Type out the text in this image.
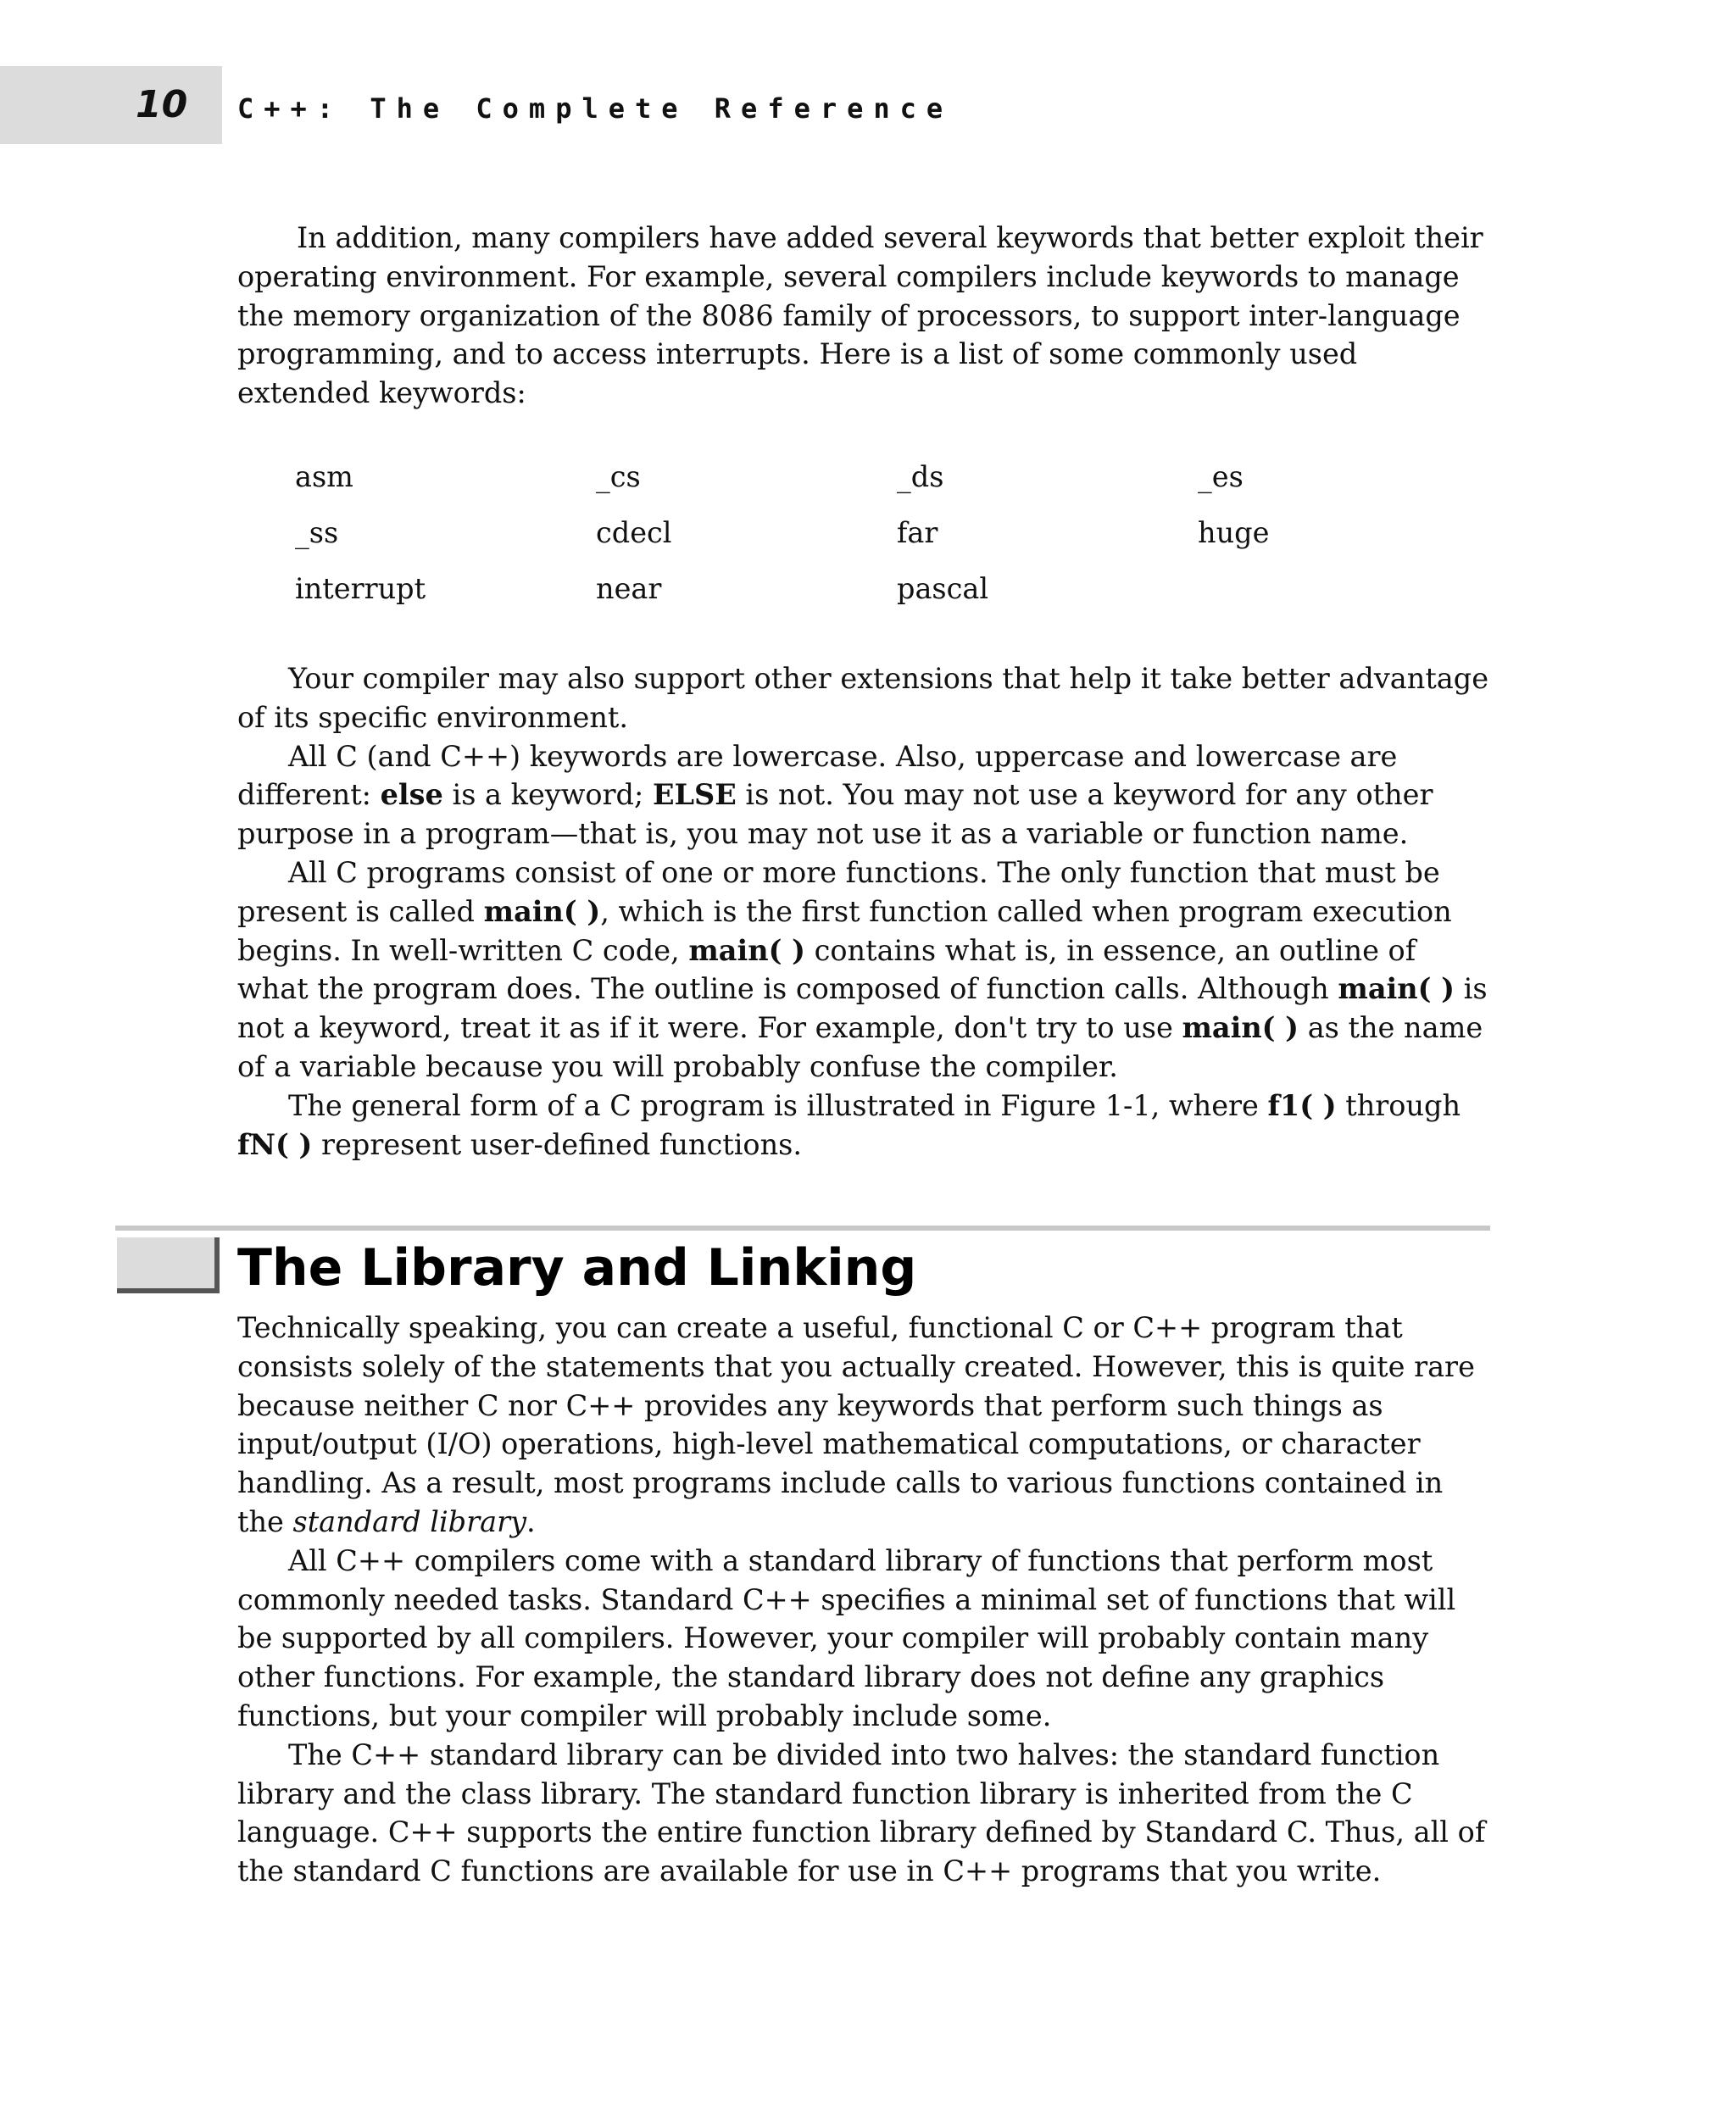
10 C++: The Complete Reference

In addition, many compilers have added several keywords that better exploit their operating environment. For example, several compilers include keywords to manage the memory organization of the 8086 family of processors, to support inter-language programming, and to access interrupts. Here is a list of some commonly used extended keywords:

asm	_cs	_ds	_es
_ss	cdecl	far	huge
interrupt	near	pascal

Your compiler may also support other extensions that help it take better advantage of its specific environment.

All C (and C++) keywords are lowercase. Also, uppercase and lowercase are different: else is a keyword; ELSE is not. You may not use a keyword for any other purpose in a program—that is, you may not use it as a variable or function name.

All C programs consist of one or more functions. The only function that must be present is called main( ), which is the first function called when program execution begins. In well-written C code, main( ) contains what is, in essence, an outline of what the program does. The outline is composed of function calls. Although main( ) is not a keyword, treat it as if it were. For example, don't try to use main( ) as the name of a variable because you will probably confuse the compiler.

The general form of a C program is illustrated in Figure 1-1, where f1( ) through fN( ) represent user-defined functions.

The Library and Linking

Technically speaking, you can create a useful, functional C or C++ program that consists solely of the statements that you actually created. However, this is quite rare because neither C nor C++ provides any keywords that perform such things as input/output (I/O) operations, high-level mathematical computations, or character handling. As a result, most programs include calls to various functions contained in the standard library.

All C++ compilers come with a standard library of functions that perform most commonly needed tasks. Standard C++ specifies a minimal set of functions that will be supported by all compilers. However, your compiler will probably contain many other functions. For example, the standard library does not define any graphics functions, but your compiler will probably include some.

The C++ standard library can be divided into two halves: the standard function library and the class library. The standard function library is inherited from the C language. C++ supports the entire function library defined by Standard C. Thus, all of the standard C functions are available for use in C++ programs that you write.
